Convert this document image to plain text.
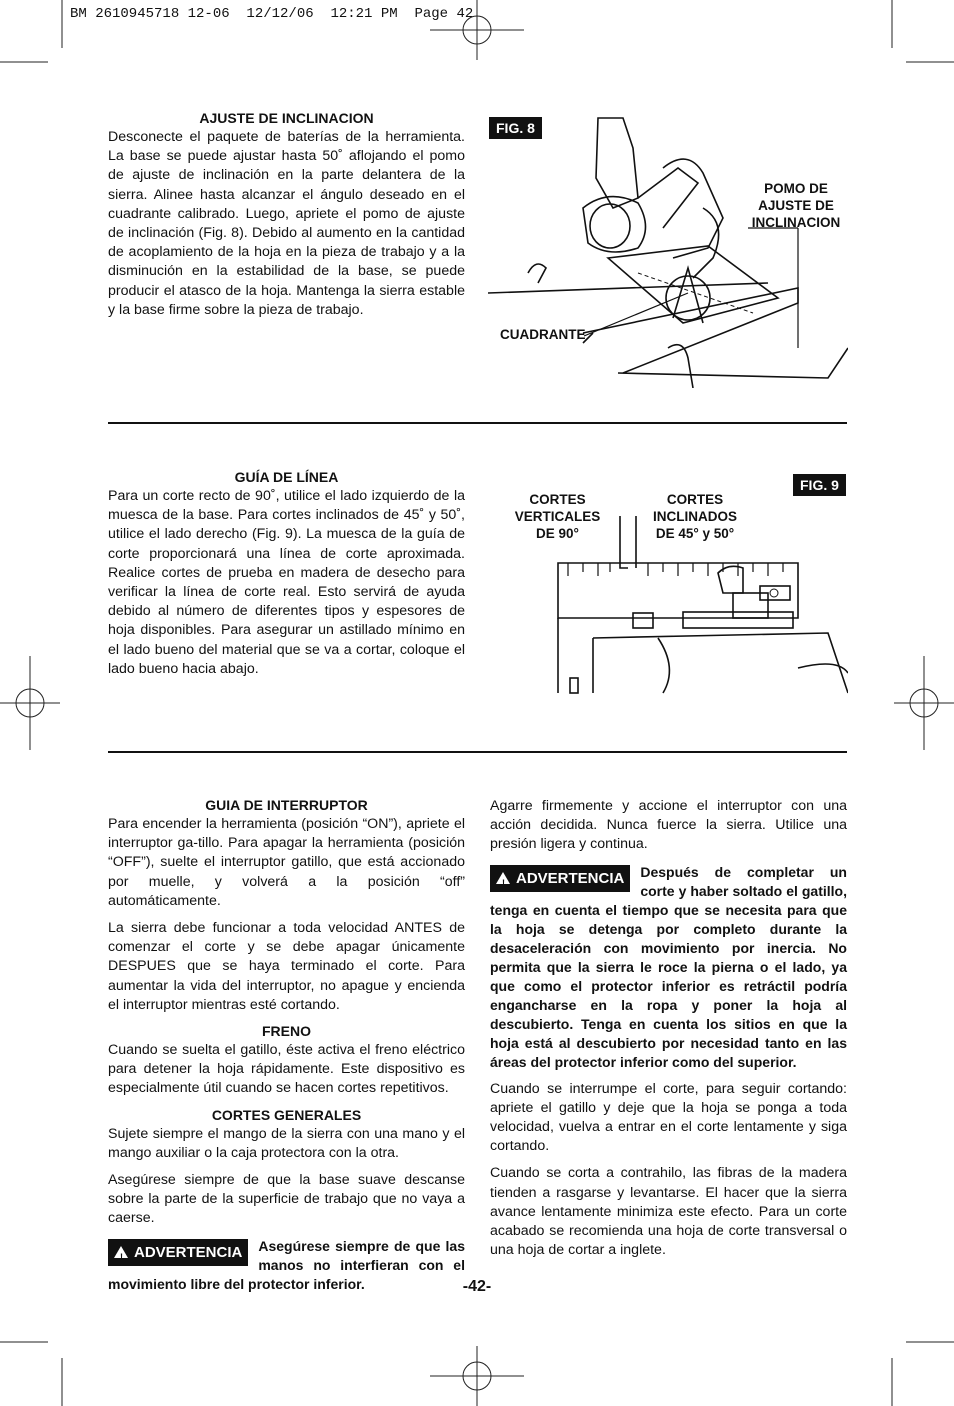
BM 2610945718 12-06  12/12/06  12:21 PM  Page 42
AJUSTE DE INCLINACION

Desconecte el paquete de baterías de la herramienta. La base se puede ajustar hasta 50˚ aflojando el pomo de ajuste de inclinación en la parte delantera de la sierra. Alinee hasta alcanzar el ángulo deseado en el cuadrante calibrado. Luego, apriete el pomo de ajuste de inclinación (Fig. 8). Debido al aumento en la cantidad de acoplamiento de la hoja en la pieza de trabajo y a la disminución en la estabilidad de la base, se puede producir el atasco de la hoja. Mantenga la sierra estable y la base firme sobre la pieza de trabajo.

FIG. 8
POMO DE AJUSTE DE INCLINACION
CUADRANTE
GUÍA DE LÍNEA

Para un corte recto de 90˚, utilice el lado izquierdo de la muesca de la base. Para cortes inclinados de 45˚ y 50˚, utilice el lado derecho (Fig. 9). La muesca de la guía de corte proporcionará una línea de corte aproximada. Realice cortes de prueba en madera de desecho para verificar la línea de corte real. Esto servirá de ayuda debido al número de diferentes tipos y espesores de hoja disponibles. Para asegurar un astillado mínimo en el lado bueno del material que se va a cortar, coloque el lado bueno hacia abajo.

FIG. 9
CORTES VERTICALES DE 90°
CORTES INCLINADOS DE 45° y 50°
GUIA DE INTERRUPTOR

Para encender la herramienta (posición “ON”), apriete el interruptor ga-tillo. Para apagar la herramienta (posición “OFF”), suelte el interruptor gatillo, que está accionado por muelle, y volverá a la posición “off” automáticamente.

La sierra debe funcionar a toda velocidad ANTES de comenzar el corte y se debe apagar únicamente DESPUES que se haya terminado el corte. Para aumentar la vida del interruptor, no apague y encienda el interruptor mientras esté cortando.

FRENO

Cuando se suelta el gatillo, éste activa el freno eléctrico para detener la hoja rápidamente. Este dispositivo es especialmente útil cuando se hacen cortes repetitivos.

CORTES GENERALES

Sujete siempre el mango de la sierra con una mano y el mango auxiliar o la caja protectora con la otra.

Asegúrese siempre de que la base suave descanse sobre la parte de la superficie de trabajo que no vaya a caerse.

! ADVERTENCIA	Asegúrese siempre de que las manos no interfieran con el movimiento libre del protector inferior.

Agarre firmemente y accione el interruptor con una acción decidida. Nunca fuerce la sierra. Utilice una presión ligera y continua.

! ADVERTENCIA	Después de completar un corte y haber soltado el gatillo, tenga en cuenta el tiempo que se necesita para que la hoja se detenga por completo durante la desaceleración con movimiento por inercia. No permita que la sierra le roce la pierna o el lado, ya que como el protector inferior es retráctil podría engancharse en la ropa y poner la hoja al descubierto. Tenga en cuenta los sitios en que la hoja está al descubierto por necesidad tanto en las áreas del protector inferior como del superior.

Cuando se interrumpe el corte, para seguir cortando: apriete el gatillo y deje que la hoja se ponga a toda velocidad, vuelva a entrar en el corte lentamente y siga cortando.

Cuando se corta a contrahilo, las fibras de la madera tienden a rasgarse y levantarse. El hacer que la sierra avance lentamente minimiza este efecto. Para un corte acabado se recomienda una hoja de corte transversal o una hoja de cortar a inglete.

-42-
